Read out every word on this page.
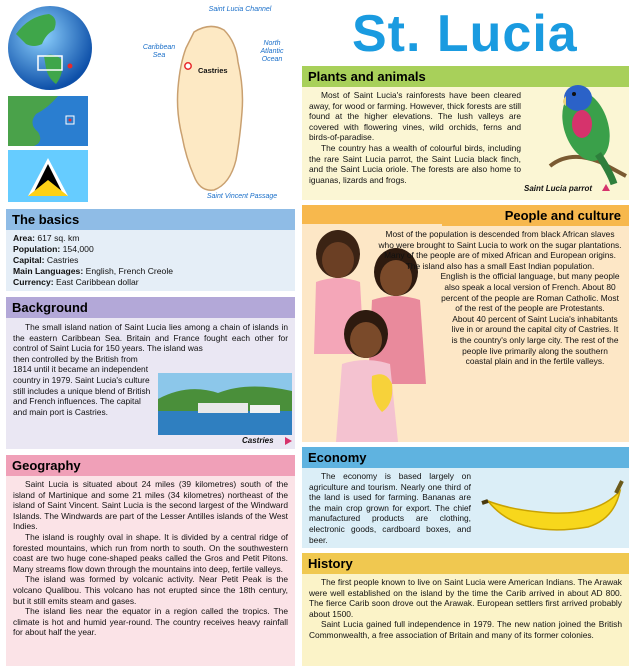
St. Lucia
Saint Lucia Channel
Caribbean Sea
North Atlantic Ocean
Castries
Saint Vincent Passage
Plants and animals

Most of Saint Lucia's rainforests have been cleared away, for wood or farming. However, thick forests are still found at the higher elevations. The lush valleys are covered with flowering vines, wild orchids, ferns and birds-of-paradise.

The country has a wealth of colourful birds, including the rare Saint Lucia parrot, the Saint Lucia black finch, and the Saint Lucia oriole. The forests are also home to iguanas, lizards and frogs.

Saint Lucia parrot
The basics
Area: 617 sq. km
Population: 154,000
Capital: Castries
Main Languages: English, French Creole
Currency: East Caribbean dollar
People and culture

Most of the population is descended from black African slaves who were brought to Saint Lucia to work on the sugar plantations. Many of the people are of mixed African and European origins. The island also has a small East Indian population.

English is the official language, but many people also speak a local version of French. About 80 percent of the people are Roman Catholic. Most of the rest of the people are Protestants.

About 40 percent of Saint Lucia's inhabitants live in or around the capital city of Castries. It is the country's only large city. The rest of the people live primarily along the southern coastal plain and in the fertile valleys.

Background

The small island nation of Saint Lucia lies among a chain of islands in the eastern Caribbean Sea. Britain and France fought each other for control of Saint Lucia for 150 years. The island was

then controlled by the British from 1814 until it became an independent country in 1979. Saint Lucia's culture still includes a unique blend of British and French influences. The capital and main port is Castries.

Castries
Economy

The economy is based largely on agriculture and tourism. Nearly one third of the land is used for farming. Bananas are the main crop grown for export. The chief manufactured products are clothing, electronic goods, cardboard boxes, and beer.

Geography

Saint Lucia is situated about 24 miles (39 kilometres) south of the island of Martinique and some 21 miles (34 kilometres) northeast of the island of Saint Vincent. Saint Lucia is the second largest of the Windward Islands. The Windwards are part of the Lesser Antilles islands of the West Indies.

The island is roughly oval in shape. It is divided by a central ridge of forested mountains, which run from north to south. On the southwestern coast are two huge cone-shaped peaks called the Gros and Petit Pitons. Many streams flow down through the mountains into deep, fertile valleys.

The island was formed by volcanic activity. Near Petit Peak is the volcano Qualibou. This volcano has not erupted since the 18th century, but it still emits steam and gases.

The island lies near the equator in a region called the tropics. The climate is hot and humid year-round. The country receives heavy rainfall for about half the year.

History

The first people known to live on Saint Lucia were American Indians. The Arawak were well established on the island by the time the Carib arrived in about AD 800. The fierce Carib soon drove out the Arawak. European settlers first arrived probably about 1500.

Saint Lucia gained full independence in 1979. The new nation joined the British Commonwealth, a free association of Britain and many of its former colonies.
